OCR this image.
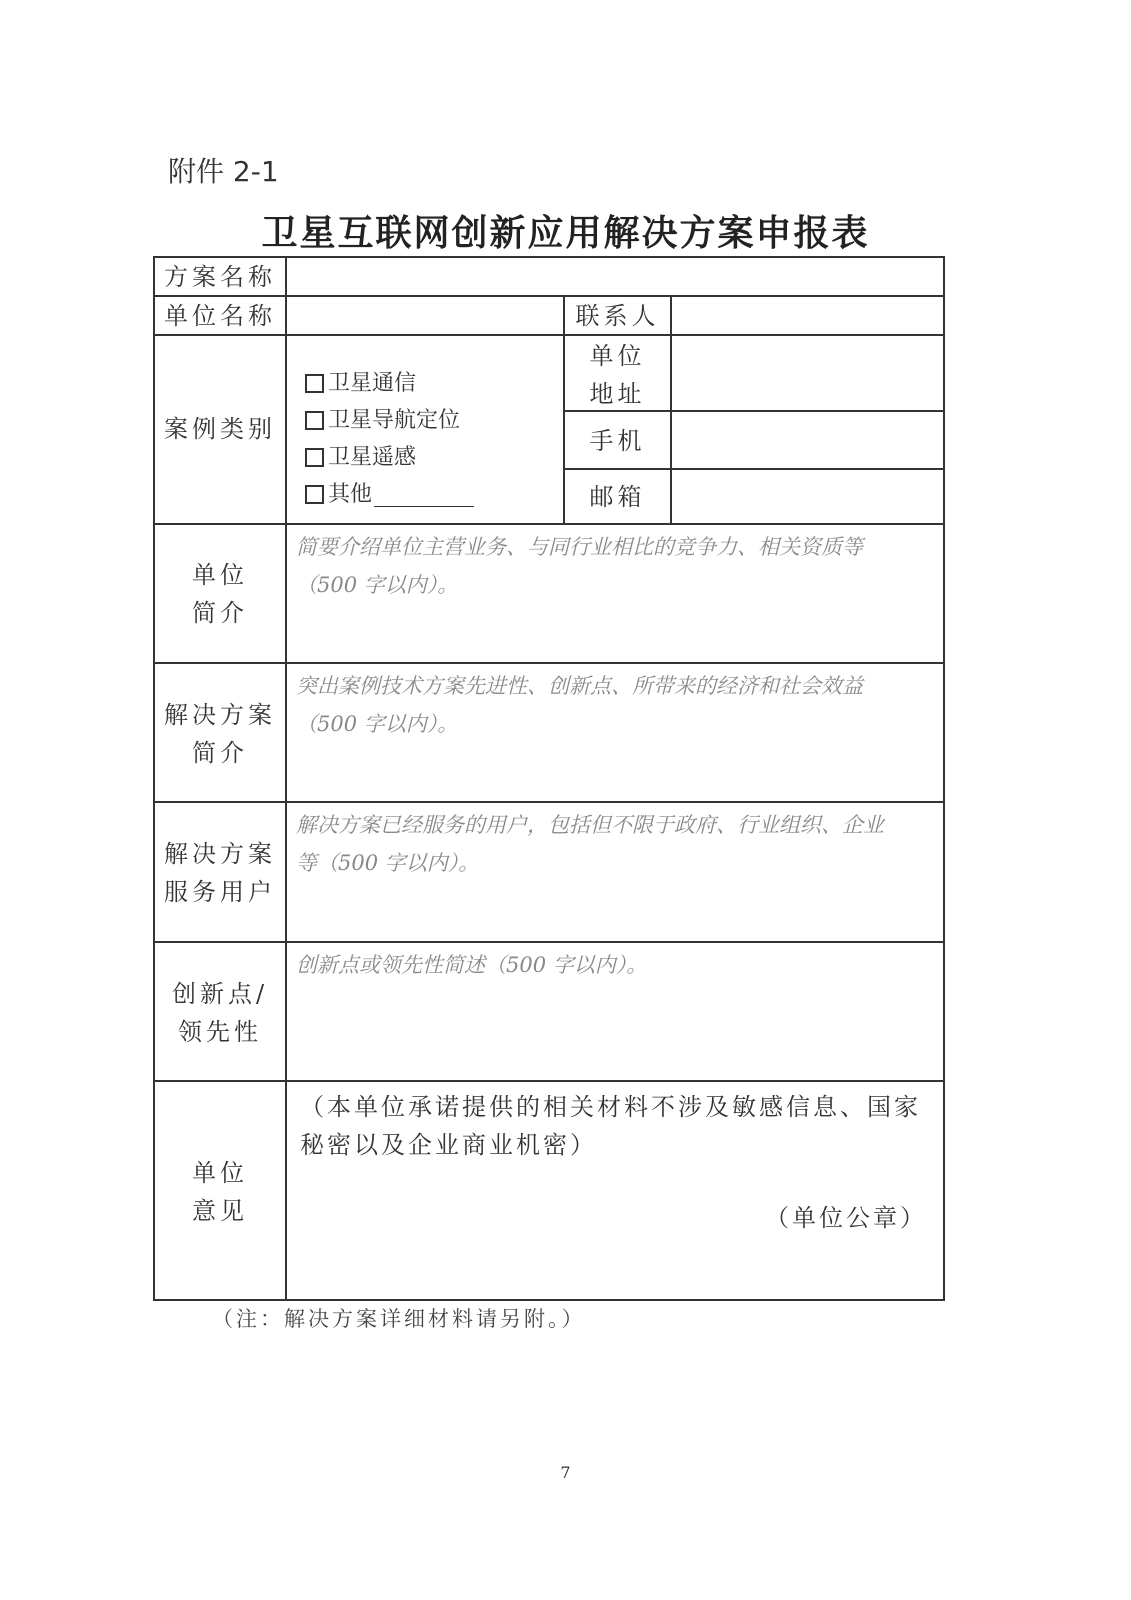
附件 2-1
卫星互联网创新应用解决方案申报表
方案名称
单位名称	联系人
案例类别
卫星通信
卫星导航定位
卫星遥感
其他
单位
地址
手机
邮箱
单位
简介
简要介绍单位主营业务、与同行业相比的竞争力、相关资质等
（500 字以内）。
解决方案
简介
突出案例技术方案先进性、创新点、所带来的经济和社会效益
（500 字以内）。
解决方案
服务用户
解决方案已经服务的用户，包括但不限于政府、行业组织、企业
等（500 字以内）。
创新点/
领先性
创新点或领先性简述（500 字以内）。
单位
意见
（本单位承诺提供的相关材料不涉及敏感信息、国家秘密以及企业商业机密）
（单位公章）
（注：解决方案详细材料请另附。）
7
